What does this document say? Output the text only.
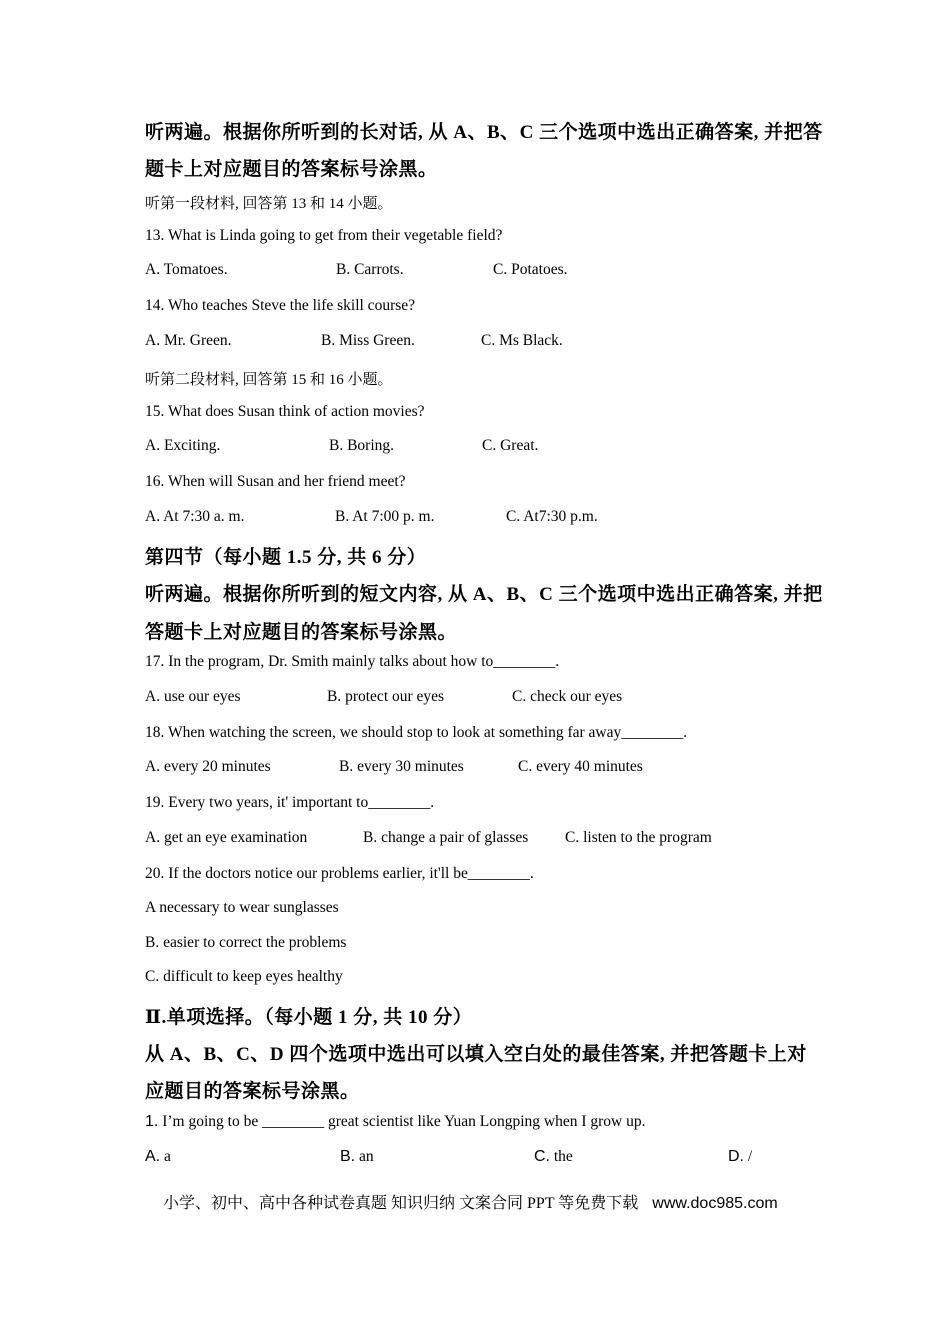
听两遍。根据你所听到的长对话, 从 A、B、C 三个选项中选出正确答案, 并把答
题卡上对应题目的答案标号涂黑。
听第一段材料, 回答第 13 和 14 小题。
13. What is Linda going to get from their vegetable field?
A. Tomatoes.	B. Carrots.	C. Potatoes.
14. Who teaches Steve the life skill course?
A. Mr. Green.	B. Miss Green.	C. Ms Black.
听第二段材料, 回答第 15 和 16 小题。
15. What does Susan think of action movies?
A. Exciting.	B. Boring.	C. Great.
16. When will Susan and her friend meet?
A. At 7:30 a. m.	B. At 7:00 p. m.	C. At7:30 p.m.
第四节（每小题 1.5 分, 共 6 分）
听两遍。根据你所听到的短文内容, 从 A、B、C 三个选项中选出正确答案, 并把
答题卡上对应题目的答案标号涂黑。
17. In the program, Dr. Smith mainly talks about how to________.
A. use our eyes	B. protect our eyes	C. check our eyes
18. When watching the screen, we should stop to look at something far away________.
A. every 20 minutes	B. every 30 minutes	C. every 40 minutes
19. Every two years, it' important to________.
A. get an eye examination	B. change a pair of glasses C. listen to the program
20. If the doctors notice our problems earlier, it'll be________.
A necessary to wear sunglasses
B. easier to correct the problems
C. difficult to keep eyes healthy
Ⅱ.单项选择。（每小题 1 分, 共 10 分）
从 A、B、C、D 四个选项中选出可以填入空白处的最佳答案, 并把答题卡上对
应题目的答案标号涂黑。
1. I’m going to be ________ great scientist like Yuan Longping when I grow up.
A. a	B. an	C. the	D. /
小学、初中、高中各种试卷真题 知识归纳 文案合同 PPT 等免费下载 www.doc985.com
